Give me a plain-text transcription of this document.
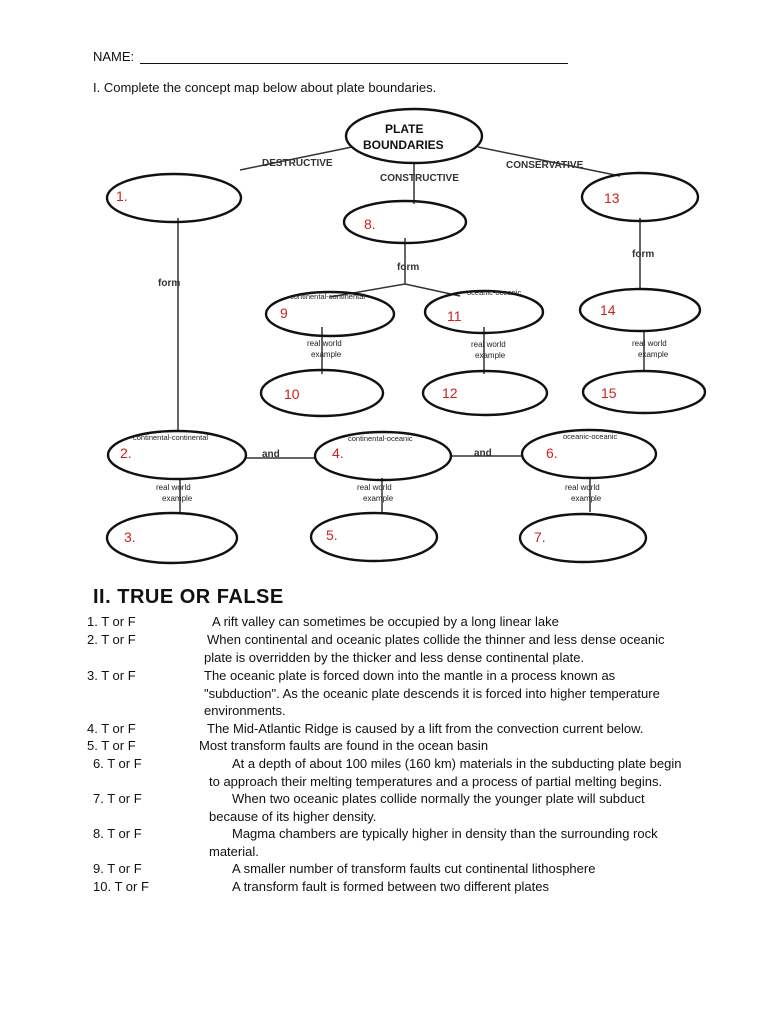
NAME:
I. Complete the concept map below about plate boundaries.
PLATE
BOUNDARIES
DESTRUCTIVE
CONSTRUCTIVE
CONSERVATIVE
1.
8.
13
form
form
form
continental-continental
9
oceanic-oceanic
11	14
real world
example
real world
example
real world
example
10	12	15
continental-continental
2.	and
continental-oceanic
4.	and
oceanic-oceanic
6.
real world
example
real world
example
real world
example
3.	5.	7.
II. TRUE OR FALSE
1. T or F	A rift valley can sometimes be occupied by a long linear lake
2. T or F	When continental and oceanic plates collide the thinner and less dense oceanic
plate is overridden by the thicker and less dense continental plate.
3. T or F	The oceanic plate is forced down into the mantle in a process known as
"subduction". As the oceanic plate descends it is forced into higher temperature
environments.
4. T or F	The Mid-Atlantic Ridge is caused by a lift from the convection current below.
5. T or F	Most transform faults are found in the ocean basin
6. T or F	At a depth of about 100 miles (160 km) materials in the subducting plate begin
to approach their melting temperatures and a process of partial melting begins.
7. T or F	When two oceanic plates collide normally the younger plate will subduct
because of its higher density.
8. T or F	Magma chambers are typically higher in density than the surrounding rock
material.
9. T or F	A smaller number of transform faults cut continental lithosphere
10. T or F	A transform fault is formed between two different plates
